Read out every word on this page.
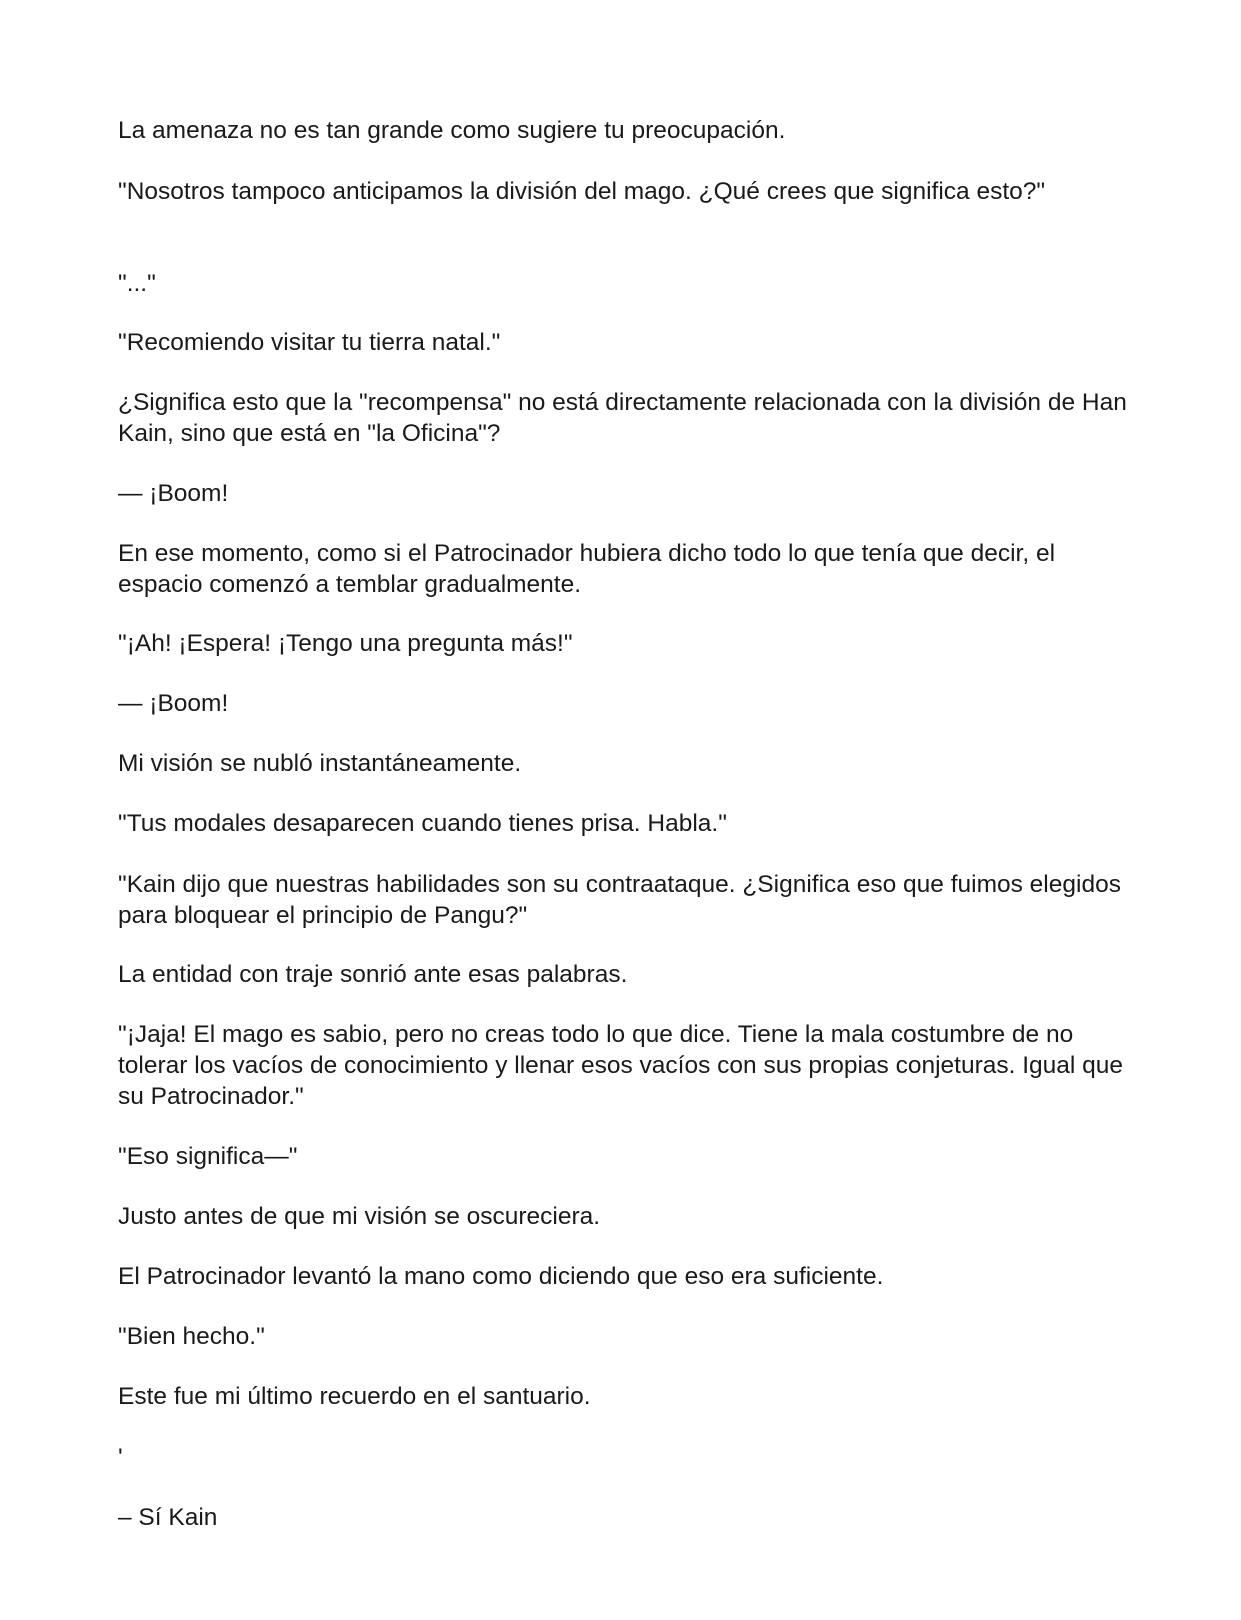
La amenaza no es tan grande como sugiere tu preocupación.

"Nosotros tampoco anticipamos la división del mago. ¿Qué crees que significa esto?"

"..."

"Recomiendo visitar tu tierra natal."

¿Significa esto que la "recompensa" no está directamente relacionada con la división de Han Kain, sino que está en "la Oficina"?

— ¡Boom!

En ese momento, como si el Patrocinador hubiera dicho todo lo que tenía que decir, el espacio comenzó a temblar gradualmente.

"¡Ah! ¡Espera! ¡Tengo una pregunta más!"

— ¡Boom!

Mi visión se nubló instantáneamente.

"Tus modales desaparecen cuando tienes prisa. Habla."

"Kain dijo que nuestras habilidades son su contraataque. ¿Significa eso que fuimos elegidos para bloquear el principio de Pangu?"

La entidad con traje sonrió ante esas palabras.

"¡Jaja! El mago es sabio, pero no creas todo lo que dice. Tiene la mala costumbre de no tolerar los vacíos de conocimiento y llenar esos vacíos con sus propias conjeturas. Igual que su Patrocinador."

"Eso significa—"

Justo antes de que mi visión se oscureciera.

El Patrocinador levantó la mano como diciendo que eso era suficiente.

"Bien hecho."

Este fue mi último recuerdo en el santuario.

'

– Sí Kain
